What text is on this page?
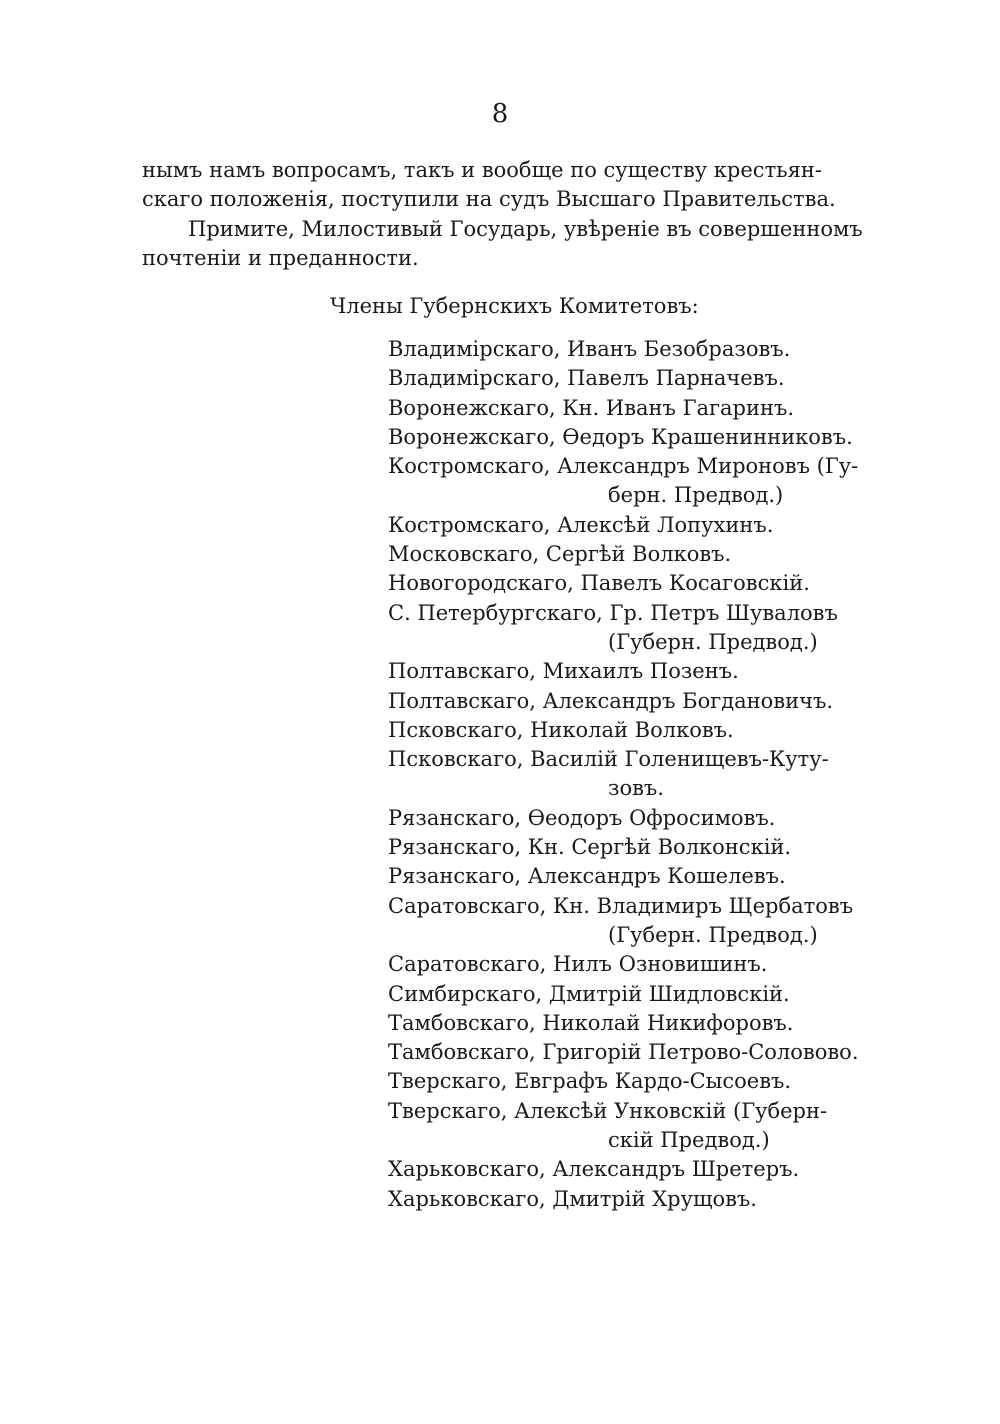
8
нымъ намъ вопросамъ, такъ и вообще по существу крестьян-
скаго положенія, поступили на судъ Высшаго Правительства.
Примите, Милостивый Государь, увѣреніе въ совершенномъ
почтеніи и преданности.
Члены Губернскихъ Комитетовъ:
Владимірскаго, Иванъ Безобразовъ.
Владимірскаго, Павелъ Парначевъ.
Воронежскаго, Кн. Иванъ Гагаринъ.
Воронежскаго, Ѳедоръ Крашенинниковъ.
Костромскаго, Александръ Мироновъ (Гу-
берн. Предвод.)
Костромскаго, Алексѣй Лопухинъ.
Московскаго, Сергѣй Волковъ.
Новогородскаго, Павелъ Косаговскій.
С. Петербургскаго, Гр. Петръ Шуваловъ
(Губерн. Предвод.)
Полтавскаго, Михаилъ Позенъ.
Полтавскаго, Александръ Богдановичъ.
Псковскаго, Николай Волковъ.
Псковскаго, Василій Голенищевъ-Куту-
зовъ.
Рязанскаго, Ѳеодоръ Офросимовъ.
Рязанскаго, Кн. Сергѣй Волконскій.
Рязанскаго, Александръ Кошелевъ.
Саратовскаго, Кн. Владимиръ Щербатовъ
(Губерн. Предвод.)
Саратовскаго, Нилъ Озновишинъ.
Симбирскаго, Дмитрій Шидловскій.
Тамбовскаго, Николай Никифоровъ.
Тамбовскаго, Григорій Петрово-Соловово.
Тверскаго, Евграфъ Кардо-Сысоевъ.
Тверскаго, Алексѣй Унковскій (Губерн-
скій Предвод.)
Харьковскаго, Александръ Шретеръ.
Харьковскаго, Дмитрій Хрущовъ.
